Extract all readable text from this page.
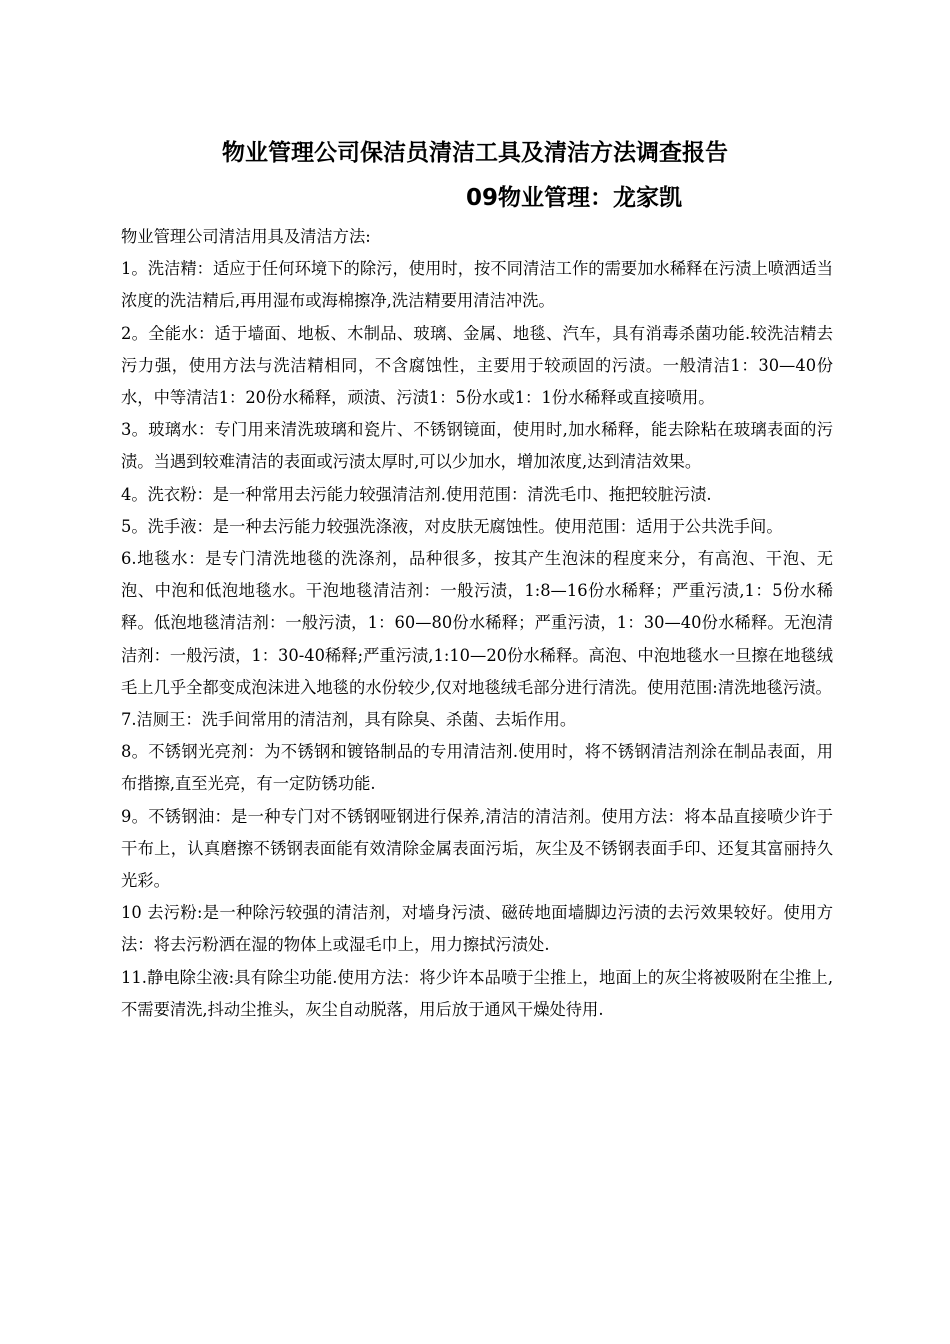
物业管理公司保洁员清洁工具及清洁方法调查报告
09物业管理：龙家凯

物业管理公司清洁用具及清洁方法:

1。洗洁精：适应于任何环境下的除污，使用时，按不同清洁工作的需要加水稀释在污渍上喷洒适当浓度的洗洁精后,再用湿布或海棉擦净,洗洁精要用清洁冲洗。

2。全能水：适于墙面、地板、木制品、玻璃、金属、地毯、汽车，具有消毒杀菌功能.较洗洁精去污力强，使用方法与洗洁精相同，不含腐蚀性，主要用于较顽固的污渍。一般清洁1：30—40份水，中等清洁1：20份水稀释，顽渍、污渍1：5份水或1：1份水稀释或直接喷用。

3。玻璃水：专门用来清洗玻璃和瓷片、不锈钢镜面，使用时,加水稀释，能去除粘在玻璃表面的污渍。当遇到较难清洁的表面或污渍太厚时,可以少加水，增加浓度,达到清洁效果。

4。洗衣粉：是一种常用去污能力较强清洁剂.使用范围：清洗毛巾、拖把较脏污渍.

5。洗手液：是一种去污能力较强洗涤液，对皮肤无腐蚀性。使用范围：适用于公共洗手间。

6.地毯水：是专门清洗地毯的洗涤剂，品种很多，按其产生泡沫的程度来分，有高泡、干泡、无泡、中泡和低泡地毯水。干泡地毯清洁剂：一般污渍，1:8—16份水稀释；严重污渍,1：5份水稀释。低泡地毯清洁剂：一般污渍，1：60—80份水稀释；严重污渍，1：30—40份水稀释。无泡清洁剂：一般污渍，1：30-40稀释;严重污渍,1:10—20份水稀释。高泡、中泡地毯水一旦擦在地毯绒毛上几乎全都变成泡沫进入地毯的水份较少,仅对地毯绒毛部分进行清洗。使用范围:清洗地毯污渍。

7.洁厕王：洗手间常用的清洁剂，具有除臭、杀菌、去垢作用。

8。不锈钢光亮剂：为不锈钢和镀铬制品的专用清洁剂.使用时，将不锈钢清洁剂涂在制品表面，用布揩擦,直至光亮，有一定防锈功能.

9。不锈钢油：是一种专门对不锈钢哑钢进行保养,清洁的清洁剂。使用方法：将本品直接喷少许于干布上，认真磨擦不锈钢表面能有效清除金属表面污垢，灰尘及不锈钢表面手印、还复其富丽持久光彩。

10 去污粉:是一种除污较强的清洁剂，对墙身污渍、磁砖地面墙脚边污渍的去污效果较好。使用方法：将去污粉洒在湿的物体上或湿毛巾上，用力擦拭污渍处.

11.静电除尘液:具有除尘功能.使用方法：将少许本品喷于尘推上，地面上的灰尘将被吸附在尘推上,不需要清洗,抖动尘推头，灰尘自动脱落，用后放于通风干燥处待用.
